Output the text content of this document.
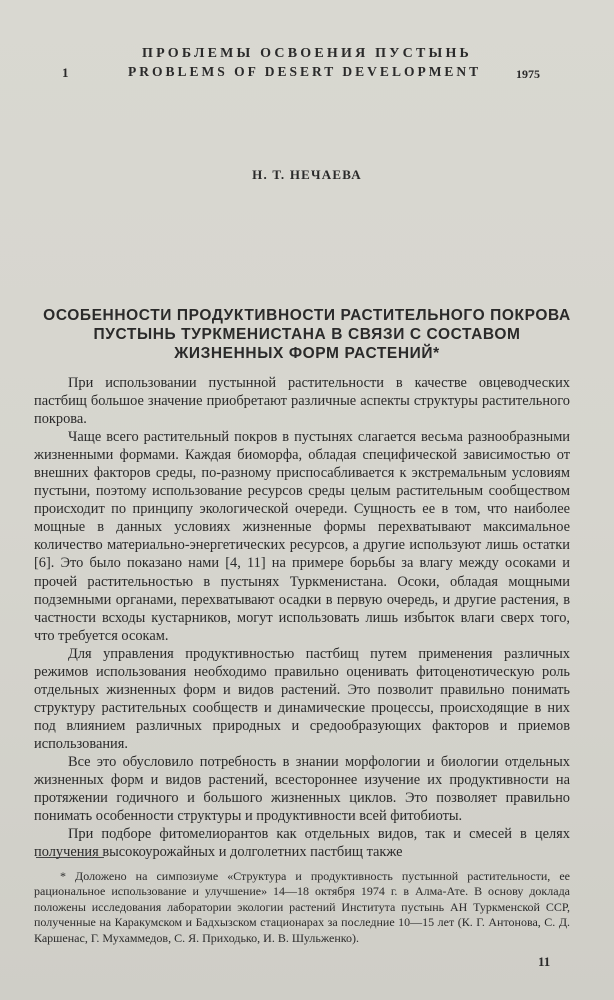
ПРОБЛЕМЫ ОСВОЕНИЯ ПУСТЫНЬ
1	PROBLEMS OF DESERT DEVELOPMENT	1975
Н. Т. НЕЧАЕВА
ОСОБЕННОСТИ ПРОДУКТИВНОСТИ РАСТИТЕЛЬНОГО ПОКРОВА
ПУСТЫНЬ ТУРКМЕНИСТАНА В СВЯЗИ С СОСТАВОМ
ЖИЗНЕННЫХ ФОРМ РАСТЕНИЙ*

При использовании пустынной растительности в качестве овцеводческих пастбищ большое значение приобретают различные аспекты структуры растительного покрова.

Чаще всего растительный покров в пустынях слагается весьма разнообразными жизненными формами. Каждая биоморфа, обладая специфической зависимостью от внешних факторов среды, по-разному приспосабливается к экстремальным условиям пустыни, поэтому использование ресурсов среды целым растительным сообществом происходит по принципу экологической очереди. Сущность ее в том, что наиболее мощные в данных условиях жизненные формы перехватывают максимальное количество материально-энергетических ресурсов, а другие используют лишь остатки [6]. Это было показано нами [4, 11] на примере борьбы за влагу между осоками и прочей растительностью в пустынях Туркменистана. Осоки, обладая мощными подземными органами, перехватывают осадки в первую очередь, и другие растения, в частности всходы кустарников, могут использовать лишь избыток влаги сверх того, что требуется осокам.

Для управления продуктивностью пастбищ путем применения различных режимов использования необходимо правильно оценивать фитоценотическую роль отдельных жизненных форм и видов растений. Это позволит правильно понимать структуру растительных сообществ и динамические процессы, происходящие в них под влиянием различных природных и средообразующих факторов и приемов использования.

Все это обусловило потребность в знании морфологии и биологии отдельных жизненных форм и видов растений, всестороннее изучение их продуктивности на протяжении годичного и большого жизненных циклов. Это позволяет правильно понимать особенности структуры и продуктивности всей фитобиоты.

При подборе фитомелиорантов как отдельных видов, так и смесей в целях получения высокоурожайных и долголетних пастбищ также

* Доложено на симпозиуме «Структура и продуктивность пустынной растительности, ее рациональное использование и улучшение» 14—18 октября 1974 г. в Алма-Ате. В основу доклада положены исследования лаборатории экологии растений Института пустынь АН Туркменской ССР, полученные на Каракумском и Бадхызском стационарах за последние 10—15 лет (К. Г. Антонова, С. Д. Каршенас, Г. Мухаммедов, С. Я. Приходько, И. В. Шульженко).

11
